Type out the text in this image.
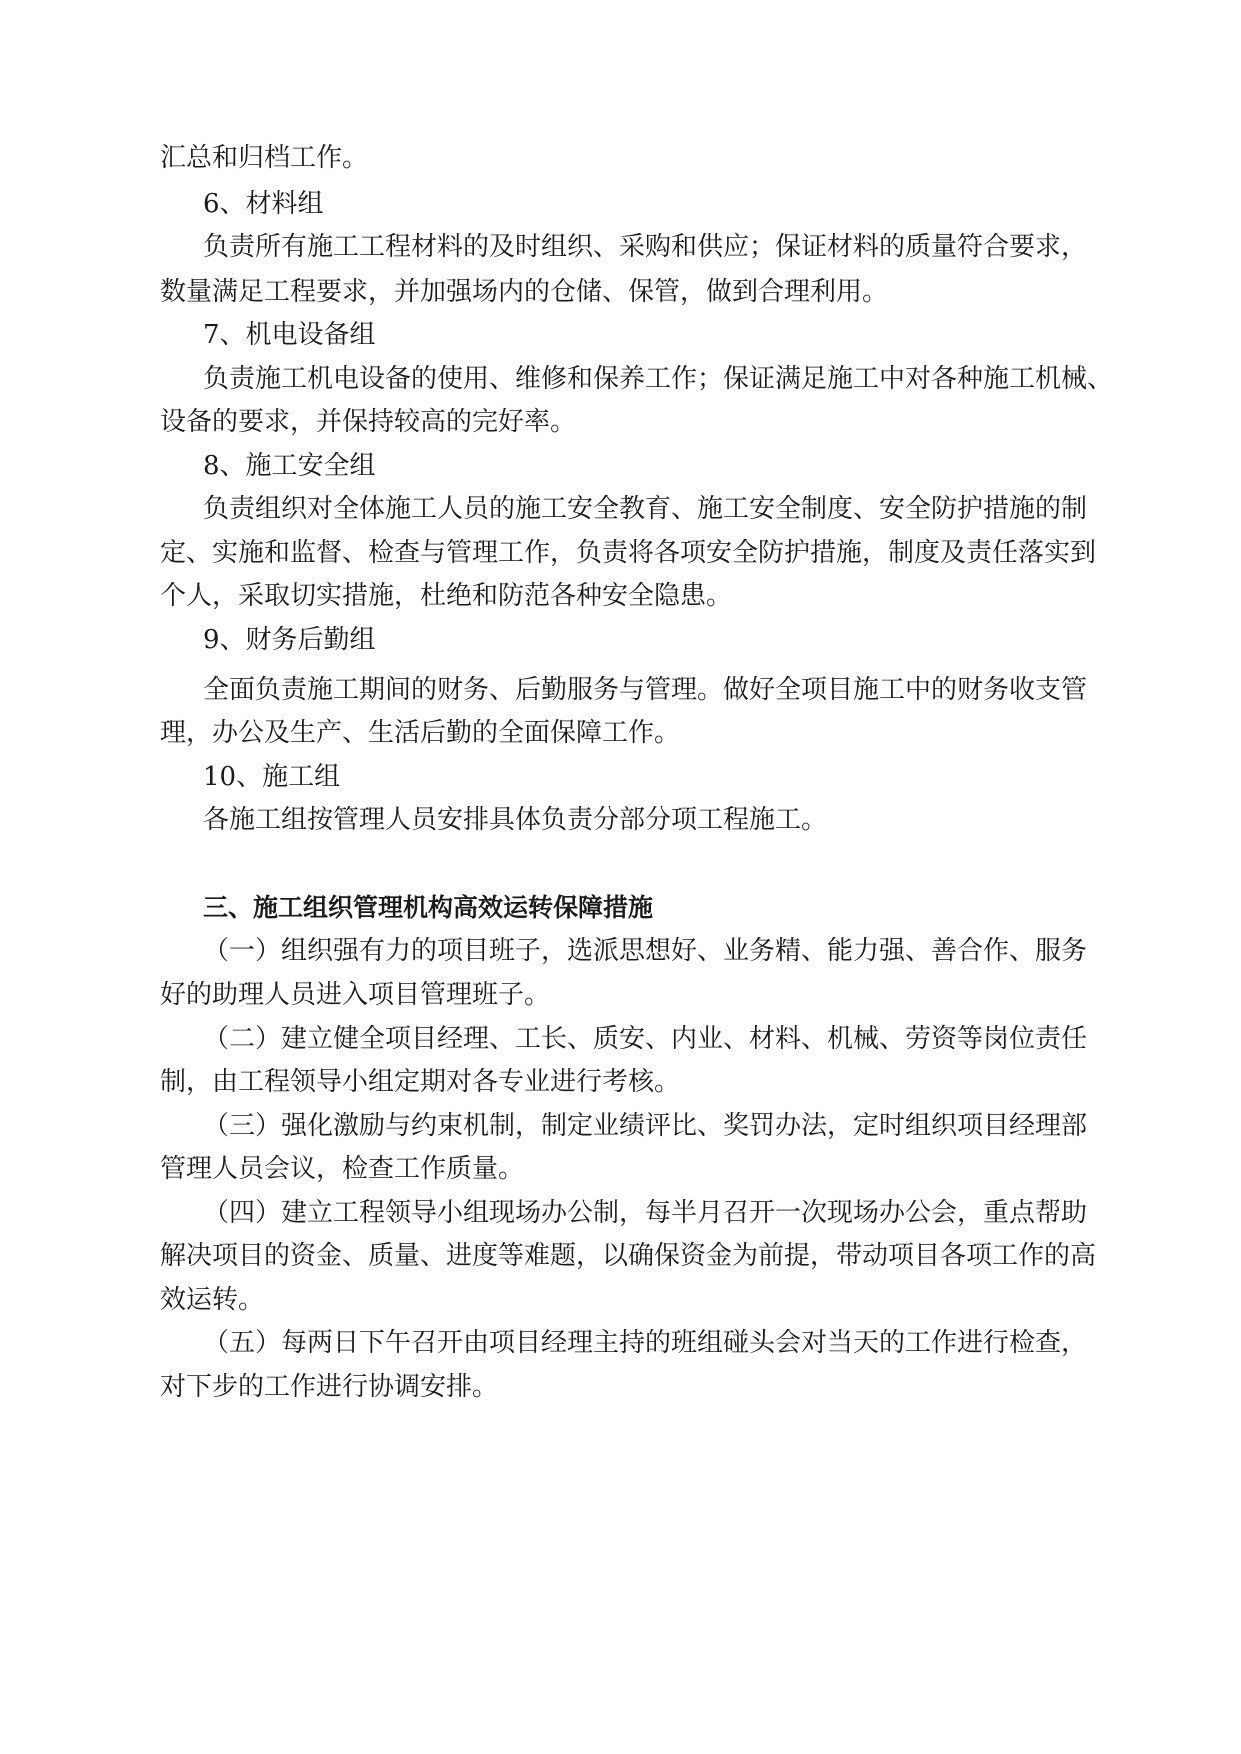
汇总和归档工作。

6、材料组

负责所有施工工程材料的及时组织、采购和供应；保证材料的质量符合要求，

数量满足工程要求，并加强场内的仓储、保管，做到合理利用。

7、机电设备组

负责施工机电设备的使用、维修和保养工作；保证满足施工中对各种施工机械、

设备的要求，并保持较高的完好率。

8、施工安全组

负责组织对全体施工人员的施工安全教育、施工安全制度、安全防护措施的制

定、实施和监督、检查与管理工作，负责将各项安全防护措施，制度及责任落实到

个人，采取切实措施，杜绝和防范各种安全隐患。

9、财务后勤组

全面负责施工期间的财务、后勤服务与管理。做好全项目施工中的财务收支管

理，办公及生产、生活后勤的全面保障工作。

10、施工组

各施工组按管理人员安排具体负责分部分项工程施工。

三、施工组织管理机构高效运转保障措施

（一）组织强有力的项目班子，选派思想好、业务精、能力强、善合作、服务

好的助理人员进入项目管理班子。

（二）建立健全项目经理、工长、质安、内业、材料、机械、劳资等岗位责任

制，由工程领导小组定期对各专业进行考核。

（三）强化激励与约束机制，制定业绩评比、奖罚办法，定时组织项目经理部

管理人员会议，检查工作质量。

（四）建立工程领导小组现场办公制，每半月召开一次现场办公会，重点帮助

解决项目的资金、质量、进度等难题，以确保资金为前提，带动项目各项工作的高

效运转。

（五）每两日下午召开由项目经理主持的班组碰头会对当天的工作进行检查，

对下步的工作进行协调安排。
